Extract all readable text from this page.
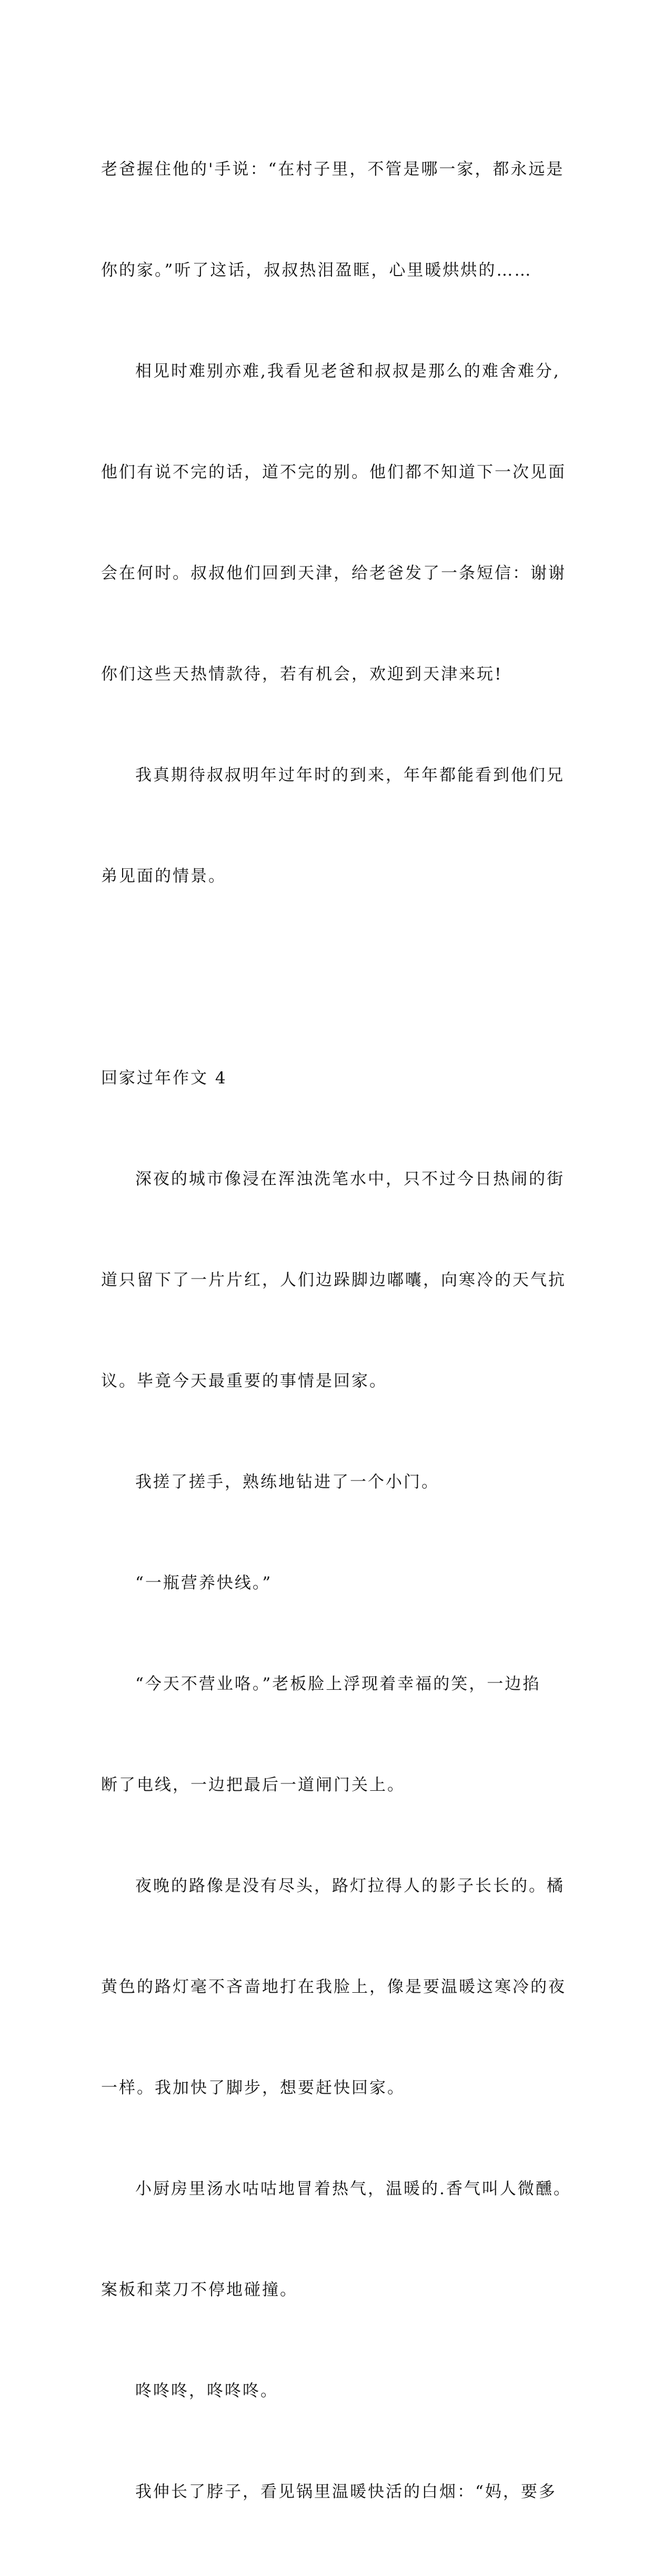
老爸握住他的'手说：“在村子里，不管是哪一家，都永远是

你的家。”听了这话，叔叔热泪盈眶，心里暖烘烘的……

相见时难别亦难,我看见老爸和叔叔是那么的难舍难分,

他们有说不完的话，道不完的别。他们都不知道下一次见面

会在何时。叔叔他们回到天津，给老爸发了一条短信：谢谢

你们这些天热情款待，若有机会，欢迎到天津来玩!

我真期待叔叔明年过年时的到来，年年都能看到他们兄

弟见面的情景。

回家过年作文 4

深夜的城市像浸在浑浊洗笔水中，只不过今日热闹的街

道只留下了一片片红，人们边跺脚边嘟囔，向寒冷的天气抗

议。毕竟今天最重要的事情是回家。

我搓了搓手，熟练地钻进了一个小门。

“一瓶营养快线。”

“今天不营业咯。”老板脸上浮现着幸福的笑，一边掐

断了电线，一边把最后一道闸门关上。

夜晚的路像是没有尽头，路灯拉得人的影子长长的。橘

黄色的路灯毫不吝啬地打在我脸上，像是要温暖这寒冷的夜

一样。我加快了脚步，想要赶快回家。

小厨房里汤水咕咕地冒着热气，温暖的.香气叫人微醺。

案板和菜刀不停地碰撞。

咚咚咚，咚咚咚。

我伸长了脖子，看见锅里温暖快活的白烟：“妈，要多
